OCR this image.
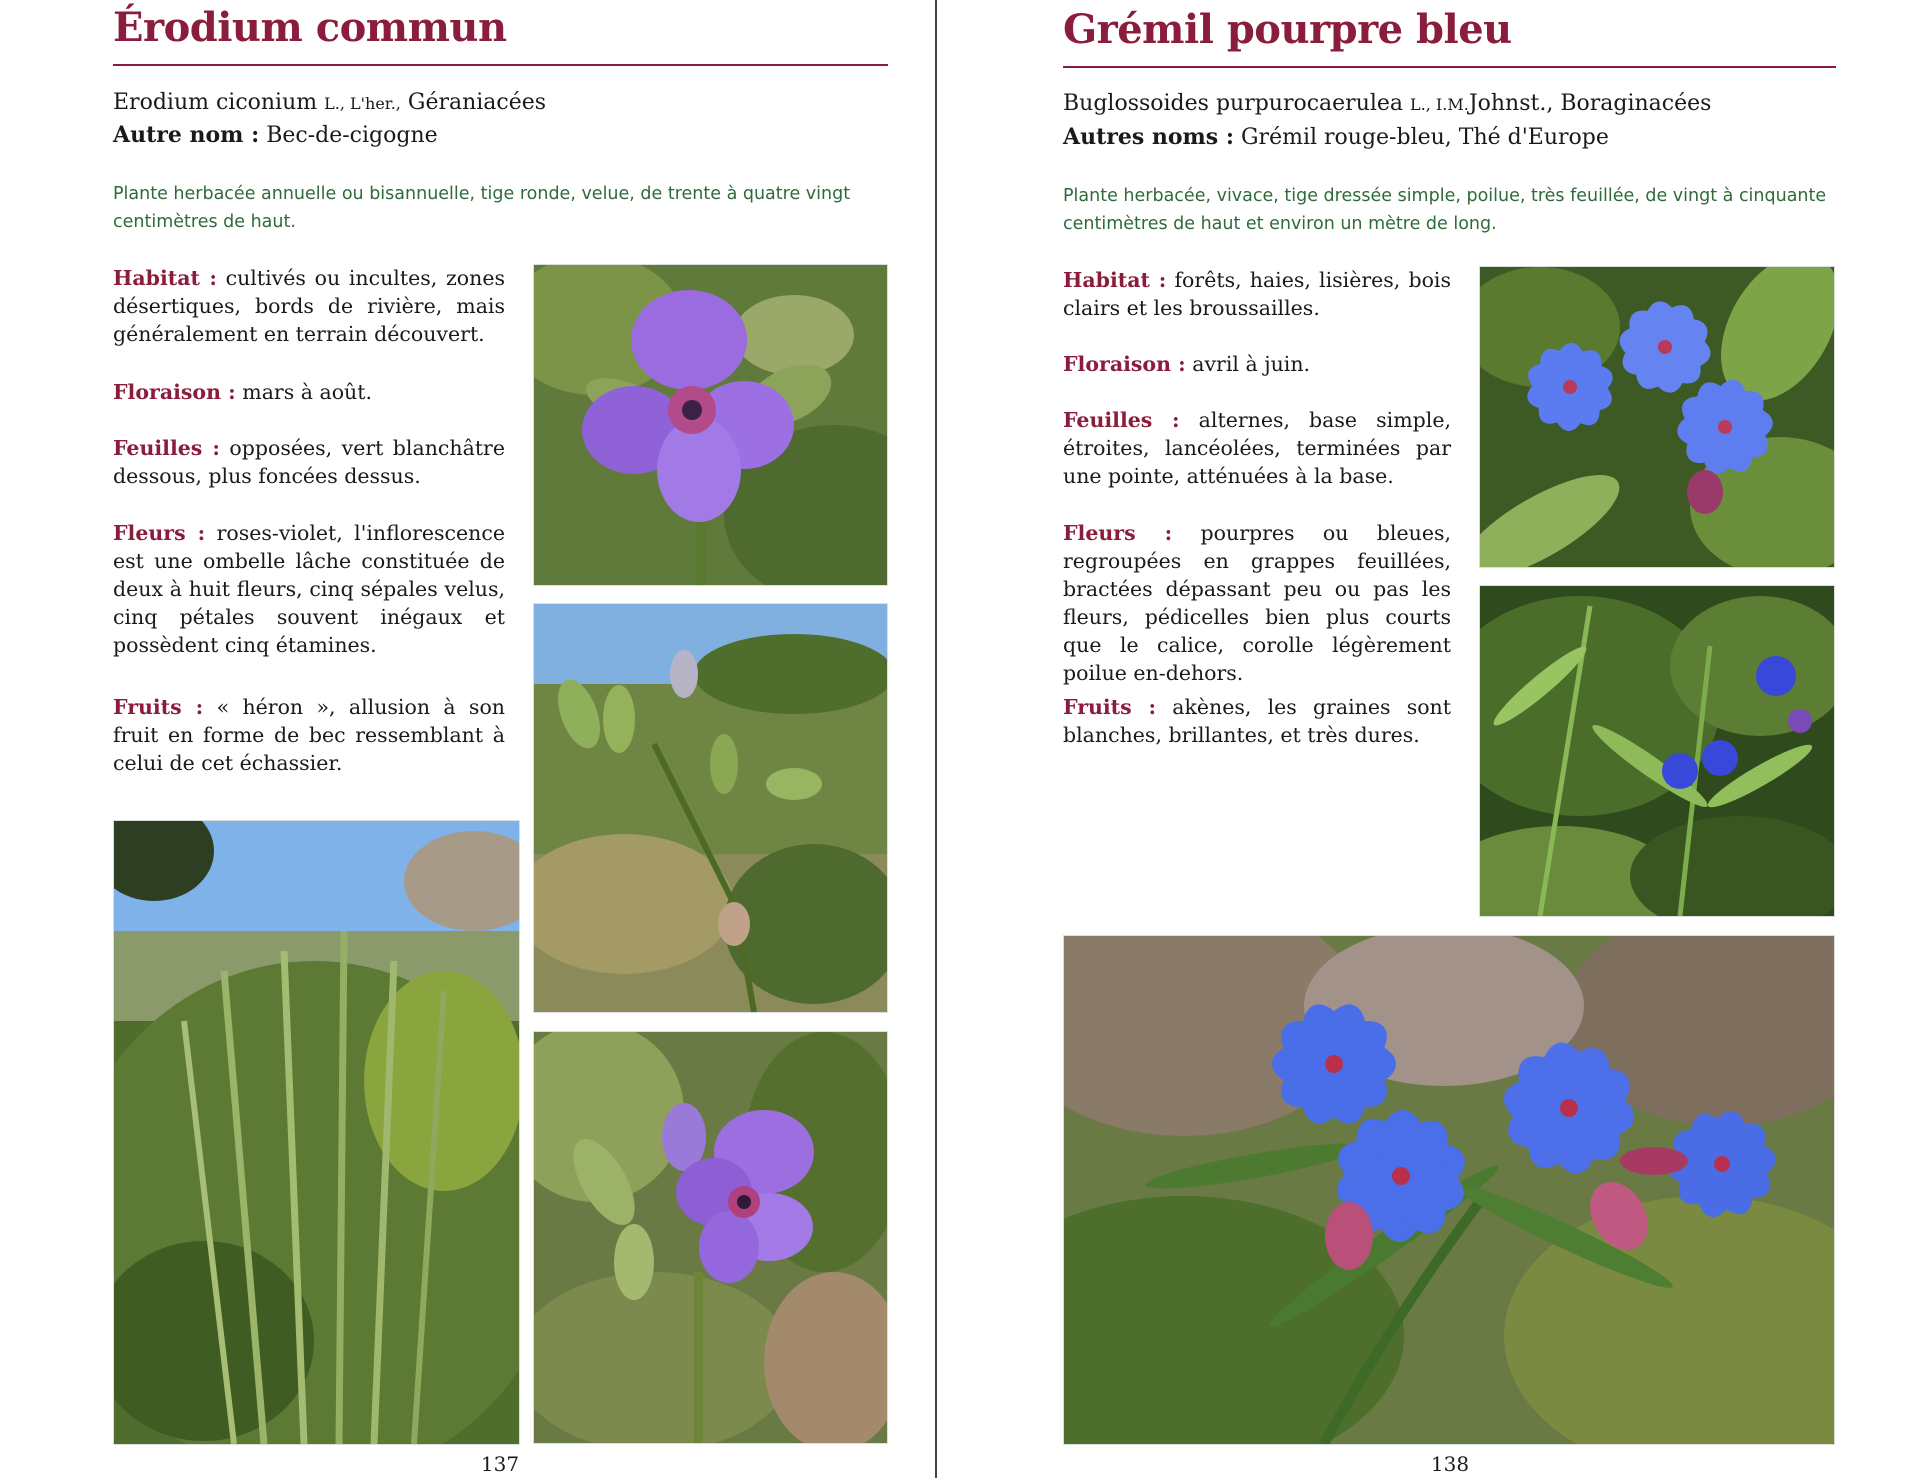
Érodium commun
Erodium ciconium L., L'her., Géraniacées
Autre nom : Bec-de-cigogne
Plante herbacée annuelle ou bisannuelle, tige ronde, velue, de trente à quatre vingt centimètres de haut.
Habitat : cultivés ou incultes, zones désertiques, bords de rivière, mais généralement en terrain découvert.
Floraison : mars à août.
Feuilles : opposées, vert blanchâtre dessous, plus foncées dessus.
Fleurs : roses-violet, l'inflorescence est une ombelle lâche constituée de deux à huit fleurs, cinq sépales velus, cinq pétales souvent inégaux et possèdent cinq étamines.
Fruits : « héron », allusion à son fruit en forme de bec ressemblant à celui de cet échassier.
137
Grémil pourpre bleu
Buglossoides purpurocaerulea L., I.M.Johnst., Boraginacées
Autres noms : Grémil rouge-bleu, Thé d'Europe
Plante herbacée, vivace, tige dressée simple, poilue, très feuillée, de vingt à cinquante centimètres de haut et environ un mètre de long.
Habitat : forêts, haies, lisières, bois clairs et les broussailles.
Floraison : avril à juin.
Feuilles : alternes, base simple, étroites, lancéolées, terminées par une pointe, atténuées à la base.
Fleurs : pourpres ou bleues, regroupées en grappes feuillées, bractées dépassant peu ou pas les fleurs, pédicelles bien plus courts que le calice, corolle légèrement poilue en-dehors.
Fruits : akènes, les graines sont blanches, brillantes, et très dures.
138
